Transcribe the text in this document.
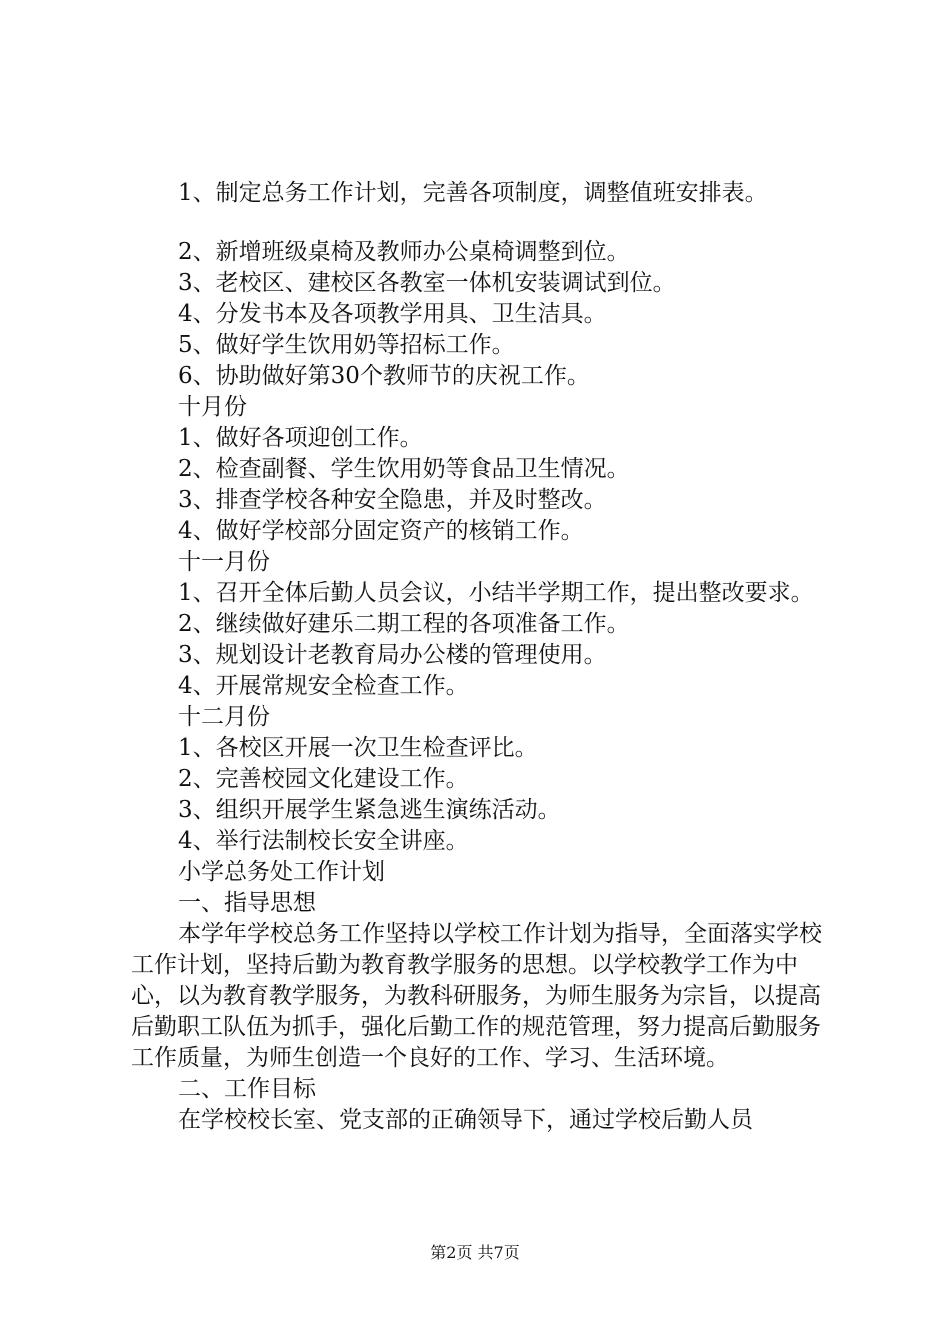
1、制定总务工作计划，完善各项制度，调整值班安排表。

2、新增班级桌椅及教师办公桌椅调整到位。

3、老校区、建校区各教室一体机安装调试到位。

4、分发书本及各项教学用具、卫生洁具。

5、做好学生饮用奶等招标工作。

6、协助做好第30个教师节的庆祝工作。

十月份

1、做好各项迎创工作。

2、检查副餐、学生饮用奶等食品卫生情况。

3、排查学校各种安全隐患，并及时整改。

4、做好学校部分固定资产的核销工作。

十一月份

1、召开全体后勤人员会议，小结半学期工作，提出整改要求。

2、继续做好建乐二期工程的各项准备工作。

3、规划设计老教育局办公楼的管理使用。

4、开展常规安全检查工作。

十二月份

1、各校区开展一次卫生检查评比。

2、完善校园文化建设工作。

3、组织开展学生紧急逃生演练活动。

4、举行法制校长安全讲座。

小学总务处工作计划

一、指导思想

本学年学校总务工作坚持以学校工作计划为指导，全面落实学校工作计划，坚持后勤为教育教学服务的思想。以学校教学工作为中心，以为教育教学服务，为教科研服务，为师生服务为宗旨，以提高后勤职工队伍为抓手，强化后勤工作的规范管理，努力提高后勤服务工作质量，为师生创造一个良好的工作、学习、生活环境。

二、工作目标

在学校校长室、党支部的正确领导下，通过学校后勤人员

第2页 共7页
